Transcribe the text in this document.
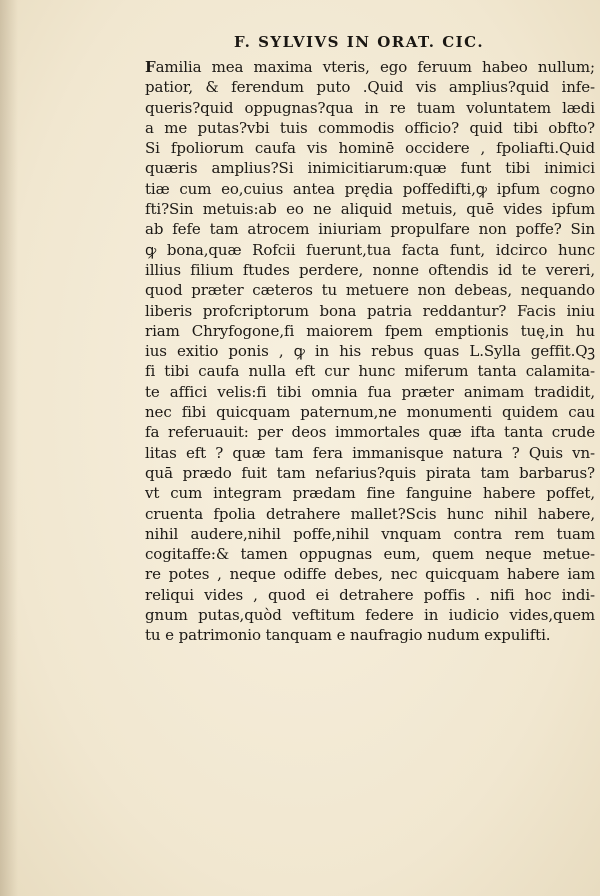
F. SYLVIVS IN ORAT. CIC.
Familia mea maxima vteris, ego feruum habeo nullum;
patior, & ferendum puto .Quid vis amplius?quid infe-
queris?quid oppugnas?qua in re tuam voluntatem lædi
a me putas?vbi tuis commodis officio? quid tibi obfto?
Si fpoliorum caufa vis hominē occidere , fpoliafti.Quid
quæris amplius?Si inimicitiarum:quæ funt tibi inimici
tiæ cum eo,cuius antea prędia poffedifti,ꝙ ipfum cogno
fti?Sin metuis:ab eo ne aliquid metuis, quē vides ipfum
ab fefe tam atrocem iniuriam propulfare non poffe? Sin
ꝙ bona,quæ Rofcii fuerunt,tua facta funt, idcirco hunc
illius filium ftudes perdere, nonne oftendis id te vereri,
quod præter cæteros tu metuere non debeas, nequando
liberis profcriptorum bona patria reddantur? Facis iniu
riam Chryfogone,fi maiorem fpem emptionis tuę,in hu
ius exitio ponis , ꝙ in his rebus quas L.Sylla geffit.Qꝫ
fi tibi caufa nulla eft cur hunc miferum tanta calamita-
te affici velis:fi tibi omnia fua præter animam tradidit,
nec fibi quicquam paternum,ne monumenti quidem cau
fa referuauit: per deos immortales quæ ifta tanta crude
litas eft ? quæ tam fera immanisque natura ? Quis vn-
quā prædo fuit tam nefarius?quis pirata tam barbarus?
vt cum integram prædam fine fanguine habere poffet,
cruenta fpolia detrahere mallet?Scis hunc nihil habere,
nihil audere,nihil poffe,nihil vnquam contra rem tuam
cogitaffe:& tamen oppugnas eum, quem neque metue-
re potes , neque odiffe debes, nec quicquam habere iam
reliqui vides , quod ei detrahere poffis . nifi hoc indi-
gnum putas,quòd veftitum federe in iudicio vides,quem
tu e patrimonio tanquam e naufragio nudum expulifti.
